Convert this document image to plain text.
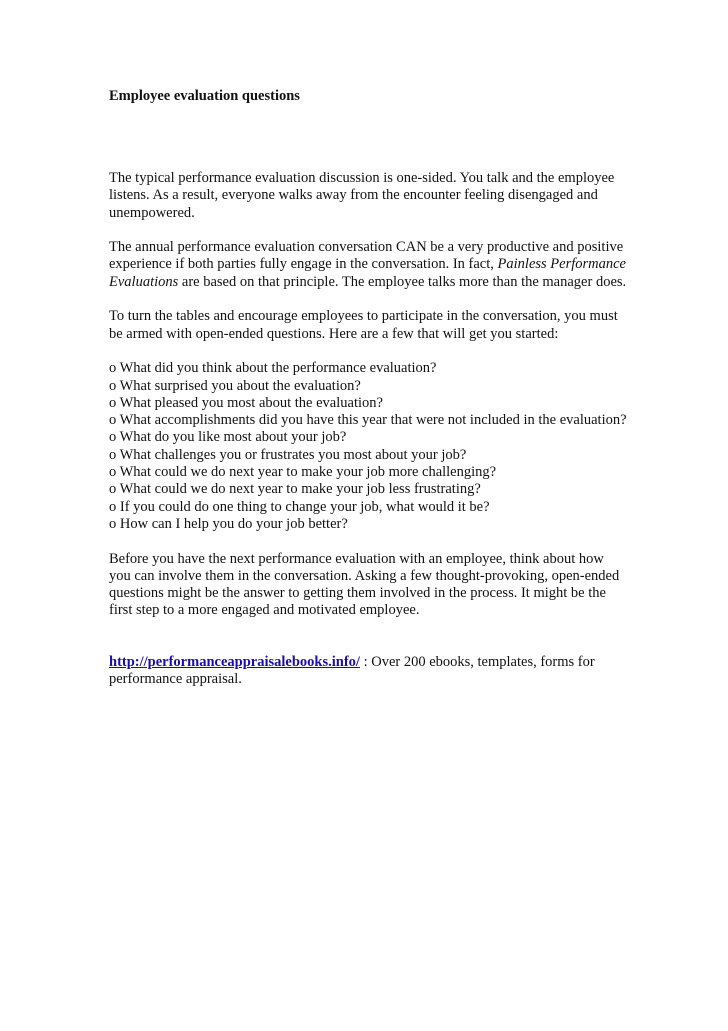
Employee evaluation questions

The typical performance evaluation discussion is one-sided. You talk and the employee listens. As a result, everyone walks away from the encounter feeling disengaged and unempowered.

The annual performance evaluation conversation CAN be a very productive and positive experience if both parties fully engage in the conversation. In fact, Painless Performance Evaluations are based on that principle. The employee talks more than the manager does.

To turn the tables and encourage employees to participate in the conversation, you must be armed with open-ended questions. Here are a few that will get you started:

o What did you think about the performance evaluation?
o What surprised you about the evaluation?
o What pleased you most about the evaluation?
o What accomplishments did you have this year that were not included in the evaluation?
o What do you like most about your job?
o What challenges you or frustrates you most about your job?
o What could we do next year to make your job more challenging?
o What could we do next year to make your job less frustrating?
o If you could do one thing to change your job, what would it be?
o How can I help you do your job better?

Before you have the next performance evaluation with an employee, think about how you can involve them in the conversation. Asking a few thought-provoking, open-ended questions might be the answer to getting them involved in the process. It might be the first step to a more engaged and motivated employee.

http://performanceappraisalebooks.info/ : Over 200 ebooks, templates, forms for performance appraisal.
